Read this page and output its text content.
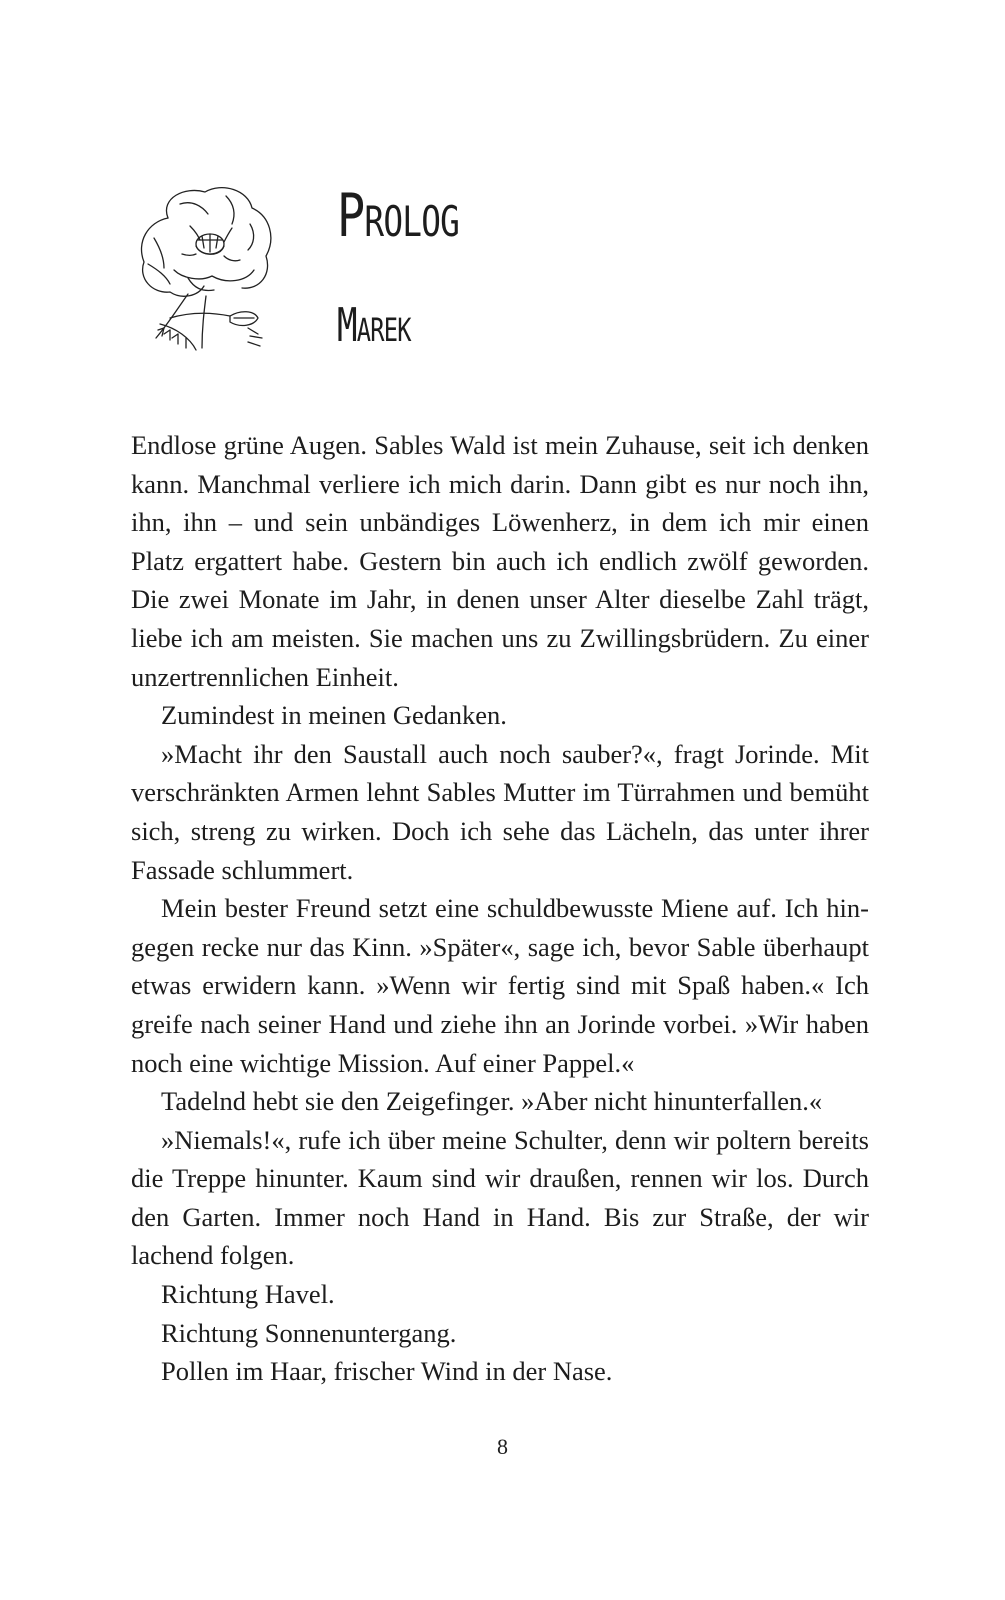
Prolog
Marek

Endlose grüne Augen. Sables Wald ist mein Zuhause, seit ich denken kann. Manchmal verliere ich mich darin. Dann gibt es nur noch ihn, ihn, ihn – und sein unbändiges Löwenherz, in dem ich mir einen Platz ergattert habe. Gestern bin auch ich endlich zwölf geworden. Die zwei Monate im Jahr, in denen unser Alter dieselbe Zahl trägt, liebe ich am meisten. Sie machen uns zu Zwillingsbrüdern. Zu einer unzertrennlichen Einheit.

Zumindest in meinen Gedanken.

»Macht ihr den Saustall auch noch sauber?«, fragt Jorinde. Mit verschränkten Armen lehnt Sables Mutter im Türrahmen und bemüht sich, streng zu wirken. Doch ich sehe das Lächeln, das unter ihrer Fassade schlummert.

Mein bester Freund setzt eine schuldbewusste Miene auf. Ich hingegen recke nur das Kinn. »Später«, sage ich, bevor Sable überhaupt etwas erwidern kann. »Wenn wir fertig sind mit Spaß haben.« Ich greife nach seiner Hand und ziehe ihn an Jorinde vorbei. »Wir haben noch eine wichtige Mission. Auf einer Pappel.«

Tadelnd hebt sie den Zeigefinger. »Aber nicht hinunterfallen.«

»Niemals!«, rufe ich über meine Schulter, denn wir poltern bereits die Treppe hinunter. Kaum sind wir draußen, rennen wir los. Durch den Garten. Immer noch Hand in Hand. Bis zur Straße, der wir lachend folgen.

Richtung Havel.

Richtung Sonnenuntergang.

Pollen im Haar, frischer Wind in der Nase.

8
